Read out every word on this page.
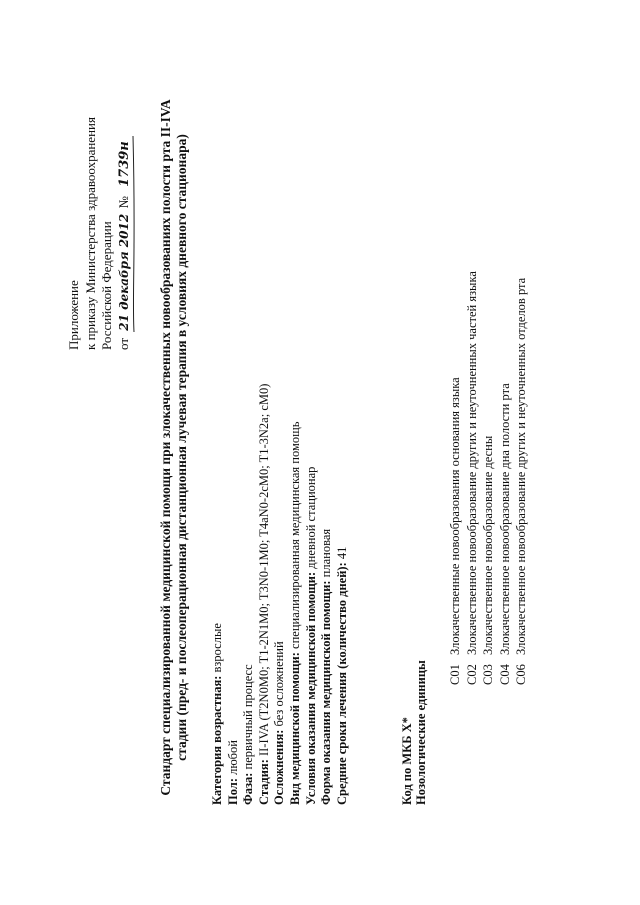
Приложение к приказу Министерства здравоохранения Российской Федерации от 21 декабря 2012 № 1739н Стандарт специализированной медицинской помощи при злокачественных новообразованиях полости рта II-IVA стадии (пред- и послеоперационная дистанционная лучевая терапия в условиях дневного стационара) Категория возрастная: взрослые
Пол: любой
Фаза: первичный процесс
Стадия: II-IVA (T2N0M0; T1-2N1M0; T3N0-1M0; T4aN0-2cM0; T1-3N2a; cM0)
Осложнения: без осложнений Вид медицинской помощи: специализированная медицинская помощь
Условия оказания медицинской помощи: дневной стационар
Форма оказания медицинской помощи: плановая
Средние сроки лечения (количество дней): 41
Код по МКБ X* Нозологические единицы C01Злокачественные новообразования основания языка
C02Злокачественное новообразование других и неуточненных частей языка
C03Злокачественное новообразование десны
C04Злокачественное новообразование дна полости рта
C06Злокачественное новообразование других и неуточненных отделов рта
